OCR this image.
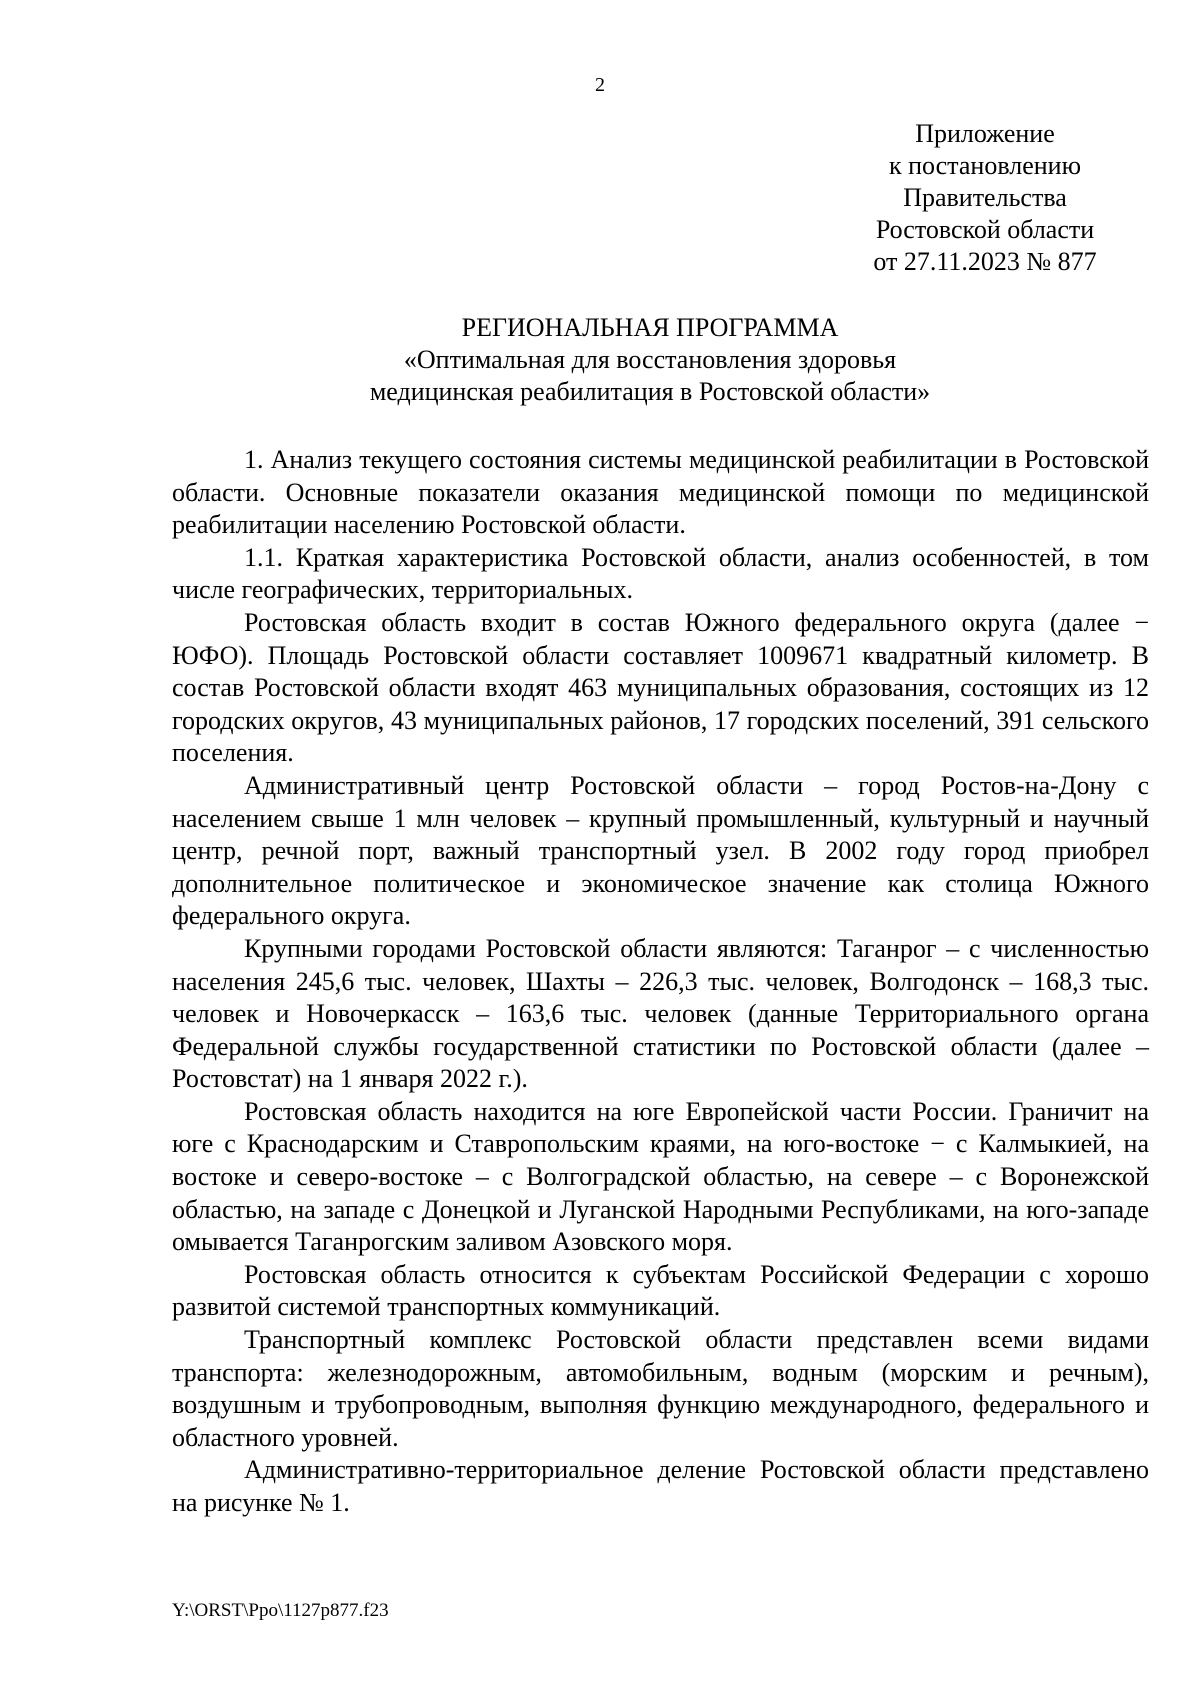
2
Приложение
к постановлению
Правительства
Ростовской области
от 27.11.2023 № 877
РЕГИОНАЛЬНАЯ ПРОГРАММА
«Оптимальная для восстановления здоровья
медицинская реабилитация в Ростовской области»

1. Анализ текущего состояния системы медицинской реабилитации в Ростовской области. Основные показатели оказания медицинской помощи по медицинской реабилитации населению Ростовской области.

1.1. Краткая характеристика Ростовской области, анализ особенностей, в том числе географических, территориальных.

Ростовская область входит в состав Южного федерального округа (далее − ЮФО). Площадь Ростовской области составляет 1009671 квадратный километр. В состав Ростовской области входят 463 муниципальных образования, состоящих из 12 городских округов, 43 муниципальных районов, 17 городских поселений, 391 сельского поселения.

Административный центр Ростовской области – город Ростов-на-Дону с населением свыше 1 млн человек – крупный промышленный, культурный и научный центр, речной порт, важный транспортный узел. В 2002 году город приобрел дополнительное политическое и экономическое значение как столица Южного федерального округа.

Крупными городами Ростовской области являются: Таганрог – с численностью населения 245,6 тыс. человек, Шахты – 226,3 тыс. человек, Волгодонск – 168,3 тыс. человек и Новочеркасск – 163,6 тыс. человек (данные Территориального органа Федеральной службы государственной статистики по Ростовской области (далее – Ростовстат) на 1 января 2022 г.).

Ростовская область находится на юге Европейской части России. Граничит на юге с Краснодарским и Ставропольским краями, на юго-востоке − с Калмыкией, на востоке и северо-востоке – с Волгоградской областью, на севере – с Воронежской областью, на западе с Донецкой и Луганской Народными Республиками, на юго-западе омывается Таганрогским заливом Азовского моря.

Ростовская область относится к субъектам Российской Федерации с хорошо развитой системой транспортных коммуникаций.

Транспортный комплекс Ростовской области представлен всеми видами транспорта: железнодорожным, автомобильным, водным (морским и речным), воздушным и трубопроводным, выполняя функцию международного, федерального и областного уровней.

Административно-территориальное деление Ростовской области представлено на рисунке № 1.

Y:\ORST\Ppo\1127p877.f23
